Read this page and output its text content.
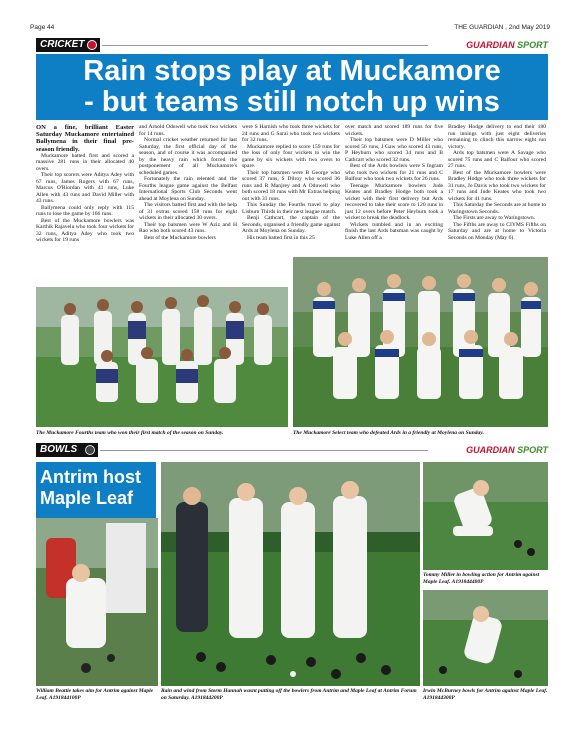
Page 44	THE GUARDIAN , 2nd May 2019
CRICKET	GUARDIAN SPORT
Rain stops play at Muckamore
- but teams still notch up wins
ON a fine, brilliant Easter Saturday Muckamore entertained Ballymena in their final pre-season friendly.

Muckamore batted first and scored a massive 281 runs in their allocated 40 overs.

Their top scorers were Aditya Adey with 67 runs, James Rogers with 67 runs, Marcus O'Riordan with 41 runs, Luke Allen with 43 runs and David Miller with 43 runs.

Ballymena could only reply with 115 runs to lose the game by 166 runs.

Best of the Muckamore bowlers was Karthik Rajavelu who took four wickets for 32 runs, Aditya Adey who took two wickets for 19 runs

and Arnold Oduwell who took two wickets for 14 runs.

Normal cricket weather returned for last Saturday, the first official day of the season, and of course it was accompanied by the heavy rain which forced the postponement of all Muckamore's scheduled games.

Fortunately the rain relented and the Fourths league game against the Belfast International Sports Club Seconds went ahead at Moylena on Sunday.

The visitors batted first and with the help of 31 extras scored 158 runs for eight wickets in their allocated 30 overs.

Their top batsmen were W Aziz and H Rao who both scored 43 runs.

Best of the Muckamore bowlers

were S Harnish who took three wickets for 24 runs and G Sarai who took two wickets for 32 runs.

Muckamore replied to score 159 runs for the loss of only four wickets to win the game by six wickets with two overs to spare.

Their top batsmen were B George who scored 37 runs, S Dilroy who scored 36 runs and R Manjrey and A Oduwell who both scored 18 runs with Mr Extras helping out with 31 runs.

This Sunday the Fourths travel to play Lisburn Thirds in their next league match.

Benji Cathcart, the captain of the Seconds, organised a friendly game against Ards at Moylena on Sunday.

His team batted first in this 25

over match and scored 189 runs for five wickets.

Their top batsmen were D Miller who scored 56 runs, J Gaw who scored 43 runs, P Heyburn who scored 34 runs and B Cathcart who scored 32 runs.

Best of the Ards bowlers were S Ingram who took two wickets for 21 runs and C Balfour who took two wickets for 26 runs.

Teenage Muckamore bowlers Jude Keates and Bradley Hodge both took a wicket with their first delivery but Ards recovered to take their score to 120 runs in just 12 overs before Peter Heyburn took a wicket to break the deadlock.

Wickets tumbled and in an exciting finish the last Ards batsman was caught by Luke Allen off a

Bradley Hodge delivery to end their 180 run innings with just eight deliveries remaining to clinch this narrow eight run victory.

Ards top batsmen were A Savage who scored 75 runs and C Balfour who scored 27 runs.

Best of the Muckamore bowlers were Bradley Hodge who took three wickets for 31 runs, Jo Davis who took two wickets for 17 runs and Jude Keates who took two wickets for 41 runs.

This Saturday the Seconds are at home to Waringstown Seconds.

The Firsts are away to Waringstown.

The Fifths are away to CIYMS Fifths on Saturday and are at home to Victoria Seconds on Monday (May 6).

The Muckamore Fourths team who won their first match of the season on Sunday.	The Muckamore Select team who defeated Ards in a friendly at Moylena on Sunday.
BOWLS	GUARDIAN SPORT
Antrim host Maple Leaf
William Beattie takes aim for Antrim against Maple Leaf. A191844100P
Rain and wind from Storm Hannah wasnt putting off the bowlers from Antrim and Maple Leaf at Antrim Forum on Saturday. A191844200P
Tommy Miller in bowling action for Antrim against Maple Leaf. A191844400P
Irwin McBurney bowls for Antrim against Maple Leaf. A191844300P
